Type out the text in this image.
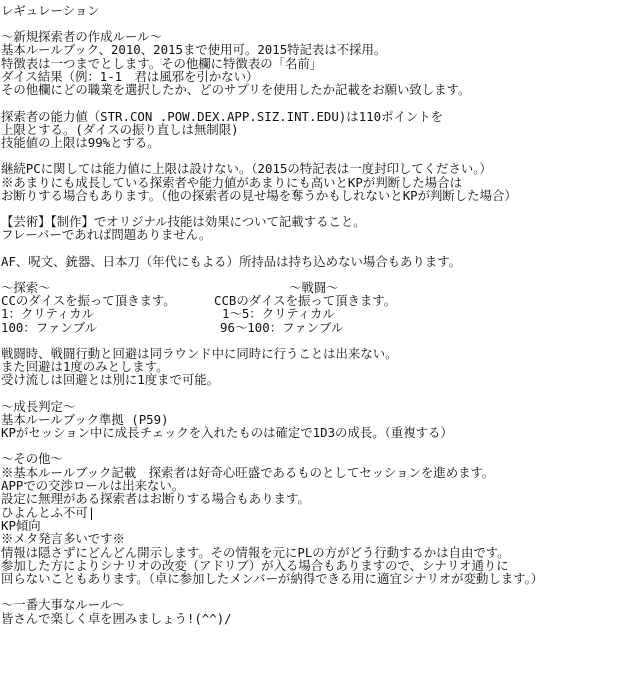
レギュレーション
～新規探索者の作成ルール～
基本ルールブック、2010、2015まで使用可。2015特記表は不採用。
特徴表は一つまでとします。その他欄に特徴表の「名前」
ダイス結果（例：1-1　君は風邪を引かない）
その他欄にどの職業を選択したか、どのサプリを使用したか記載をお願い致します。
探索者の能力値（STR.CON .POW.DEX.APP.SIZ.INT.EDU)は110ポイントを
上限とする。(ダイスの振り直しは無制限)
技能値の上限は99%とする。
継続PCに関しては能力値に上限は設けない。（2015の特記表は一度封印してください。）
※あまりにも成長している探索者や能力値があまりにも高いとKPが判断した場合は
お断りする場合もあります。（他の探索者の見せ場を奪うかもしれないとKPが判断した場合）
【芸術】【制作】でオリジナル技能は効果について記載すること。
フレーバーであれば問題ありません。
AF、呪文、銃器、日本刀（年代にもよる）所持品は持ち込めない場合もあります。
～探索～	～戦闘～
CCのダイスを振って頂きます。	CCBのダイスを振って頂きます。
1：クリティカル	1～5：クリティカル
100：ファンブル	96～100：ファンブル
戦闘時、戦闘行動と回避は同ラウンド中に同時に行うことは出来ない。
また回避は1度のみとします。
受け流しは回避とは別に1度まで可能。
～成長判定～
基本ルールブック準拠 (P59)
KPがセッション中に成長チェックを入れたものは確定で1D3の成長。（重複する）
～その他～
※基本ルールブック記載　探索者は好奇心旺盛であるものとしてセッションを進めます。
APPでの交渉ロールは出来ない。
設定に無理がある探索者はお断りする場合もあります。
ひよんとふ不可|
KP傾向
※メタ発言多いです※
情報は隠さずにどんどん開示します。その情報を元にPLの方がどう行動するかは自由です。
参加した方によりシナリオの改変（アドリブ）が入る場合もありますので、シナリオ通りに
回らないこともあります。（卓に参加したメンバーが納得できる用に適宜シナリオが変動します。）
～一番大事なルール～
皆さんで楽しく卓を囲みましょう!(^^)/
